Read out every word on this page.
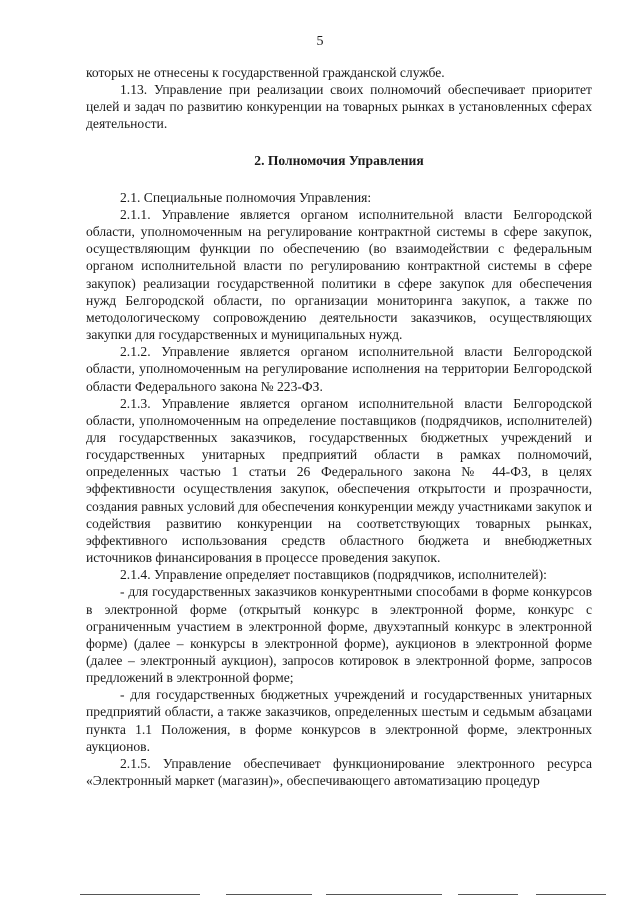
5

которых не отнесены к государственной гражданской службе.

1.13. Управление при реализации своих полномочий обеспечивает приоритет целей и задач по развитию конкуренции на товарных рынках в установленных сферах деятельности.

2. Полномочия Управления

2.1. Специальные полномочия Управления:

2.1.1. Управление является органом исполнительной власти Белгородской области, уполномоченным на регулирование контрактной системы в сфере закупок, осуществляющим функции по обеспечению (во взаимодействии с федеральным органом исполнительной власти по регулированию контрактной системы в сфере закупок) реализации государственной политики в сфере закупок для обеспечения нужд Белгородской области, по организации мониторинга закупок, а также по методологическому сопровождению деятельности заказчиков, осуществляющих закупки для государственных и муниципальных нужд.

2.1.2. Управление является органом исполнительной власти Белгородской области, уполномоченным на регулирование исполнения на территории Белгородской области Федерального закона № 223-ФЗ.

2.1.3. Управление является органом исполнительной власти Белгородской области, уполномоченным на определение поставщиков (подрядчиков, исполнителей) для государственных заказчиков, государственных бюджетных учреждений и государственных унитарных предприятий области в рамках полномочий, определенных частью 1 статьи 26 Федерального закона № 44-ФЗ, в целях эффективности осуществления закупок, обеспечения открытости и прозрачности, создания равных условий для обеспечения конкуренции между участниками закупок и содействия развитию конкуренции на соответствующих товарных рынках, эффективного использования средств областного бюджета и внебюджетных источников финансирования в процессе проведения закупок.

2.1.4. Управление определяет поставщиков (подрядчиков, исполнителей):

- для государственных заказчиков конкурентными способами в форме конкурсов в электронной форме (открытый конкурс в электронной форме, конкурс с ограниченным участием в электронной форме, двухэтапный конкурс в электронной форме) (далее – конкурсы в электронной форме), аукционов в электронной форме (далее – электронный аукцион), запросов котировок в электронной форме, запросов предложений в электронной форме;

- для государственных бюджетных учреждений и государственных унитарных предприятий области, а также заказчиков, определенных шестым и седьмым абзацами пункта 1.1 Положения, в форме конкурсов в электронной форме, электронных аукционов.

2.1.5. Управление обеспечивает функционирование электронного ресурса «Электронный маркет (магазин)», обеспечивающего автоматизацию процедур
